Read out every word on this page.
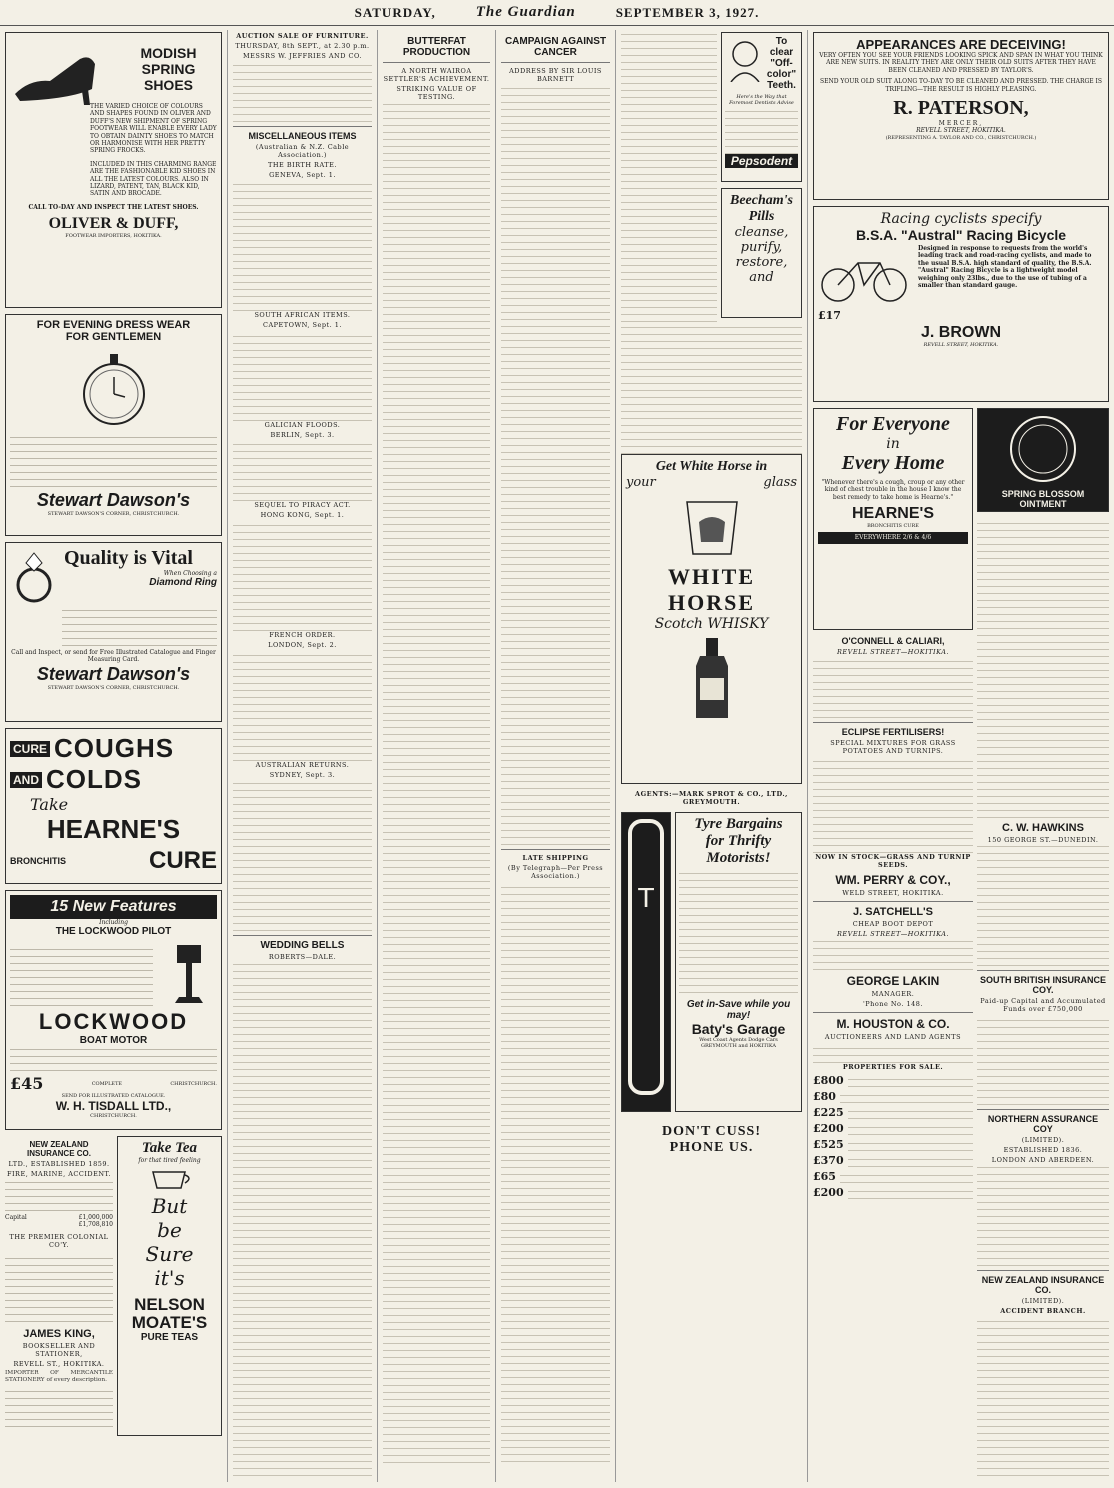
SATURDAY,	The Guardian	SEPTEMBER 3, 1927.
MODISH
SPRING
SHOES
THE VARIED CHOICE OF COLOURS AND SHAPES FOUND IN OLIVER AND DUFF'S NEW SHIPMENT OF SPRING FOOTWEAR WILL ENABLE EVERY LADY TO OBTAIN DAINTY SHOES TO MATCH OR HARMONISE WITH HER PRETTY SPRING FROCKS.
INCLUDED IN THIS CHARMING RANGE ARE THE FASHIONABLE KID SHOES IN ALL THE LATEST COLOURS. ALSO IN LIZARD, PATENT, TAN, BLACK KID, SATIN AND BROCADE.
CALL TO-DAY AND INSPECT THE LATEST SHOES.
OLIVER & DUFF,
FOOTWEAR IMPORTERS, HOKITIKA.
FOR EVENING DRESS WEAR
FOR GENTLEMEN
Stewart Dawson's
STEWART DAWSON'S CORNER, CHRISTCHURCH.
Quality is Vital
When Choosing a
Diamond Ring
Call and Inspect, or send for Free Illustrated Catalogue and Finger Measuring Card.
Stewart Dawson's
STEWART DAWSON'S CORNER, CHRISTCHURCH.
CURE COUGHS
AND COLDS
Take
HEARNE'S
BRONCHITIS	CURE
15 New Features
Including
THE LOCKWOOD PILOT
LOCKWOOD
BOAT MOTOR
£45	COMPLETE	CHRISTCHURCH.
SEND FOR ILLUSTRATED CATALOGUE.
W. H. TISDALL LTD.,
CHRISTCHURCH.
NEW ZEALAND INSURANCE CO.
LTD., ESTABLISHED 1859.
FIRE, MARINE, ACCIDENT.
Capital	£1,000,000
£1,708,810
THE PREMIER COLONIAL CO'Y.
JAMES KING,
BOOKSELLER AND STATIONER,
REVELL ST., HOKITIKA.
IMPORTER OF MERCANTILE STATIONERY of every description.
Take Tea
for that tired feeling
But
be
Sure
it's
NELSON MOATE'S
PURE TEAS
AUCTION SALE OF FURNITURE.
THURSDAY, 8th SEPT., at 2.30 p.m.
MESSRS W. JEFFRIES AND CO.
MISCELLANEOUS ITEMS
(Australian & N.Z. Cable Association.)
THE BIRTH RATE.
GENEVA, Sept. 1.
SOUTH AFRICAN ITEMS.
CAPETOWN, Sept. 1.
GALICIAN FLOODS.
BERLIN, Sept. 3.
SEQUEL TO PIRACY ACT.
HONG KONG, Sept. 1.
FRENCH ORDER.
LONDON, Sept. 2.
AUSTRALIAN RETURNS.
SYDNEY, Sept. 3.
WEDDING BELLS
ROBERTS—DALE.
BUTTERFAT PRODUCTION
A NORTH WAIROA SETTLER'S ACHIEVEMENT.
STRIKING VALUE OF TESTING.
CAMPAIGN AGAINST CANCER
ADDRESS BY SIR LOUIS BARNETT
LATE SHIPPING
(By Telegraph—Per Press Association.)
To clear "Off-color" Teeth.
Here's the Way that Foremost Dentists Advise
Pepsodent
Beecham's
Pills
cleanse,
purify,
restore,
and
Get White Horse in
your	glass
WHITE HORSE
Scotch WHISKY
AGENTS:—MARK SPROT & CO., LTD., GREYMOUTH.
T
Tyre Bargains
for Thrifty
Motorists!
Get in-Save while you may!
Baty's Garage
West Coast Agents Dodge Cars
GREYMOUTH and HOKITIKA
DON'T CUSS!
PHONE US.
APPEARANCES ARE DECEIVING!
VERY OFTEN YOU SEE YOUR FRIENDS LOOKING SPICK AND SPAN IN WHAT YOU THINK ARE NEW SUITS. IN REALITY THEY ARE ONLY THEIR OLD SUITS AFTER THEY HAVE BEEN CLEANED AND PRESSED BY TAYLOR'S.
SEND YOUR OLD SUIT ALONG TO-DAY TO BE CLEANED AND PRESSED. THE CHARGE IS TRIFLING—THE RESULT IS HIGHLY PLEASING.
R. PATERSON,
MERCER,
REVELL STREET, HOKITIKA.
(REPRESENTING A. TAYLOR AND CO., CHRISTCHURCH.)
Racing cyclists specify
B.S.A. "Austral" Racing Bicycle
£17
Designed in response to requests from the world's leading track and road-racing cyclists, and made to the usual B.S.A. high standard of quality, the B.S.A. "Austral" Racing Bicycle is a lightweight model weighing only 23lbs., due to the use of tubing of a smaller than standard gauge.
J. BROWN
REVELL STREET, HOKITIKA.
For Everyone
in
Every Home
"Whenever there's a cough, croup or any other kind of chest trouble in the house I know the best remedy to take home is Hearne's."
HEARNE'S
BRONCHITIS CURE
EVERYWHERE 2/6 & 4/6
O'CONNELL & CALIARI,
REVELL STREET—HOKITIKA.
ECLIPSE FERTILISERS!
SPECIAL MIXTURES FOR GRASS POTATOES AND TURNIPS.
NOW IN STOCK—GRASS AND TURNIP SEEDS.
WM. PERRY & COY.,
WELD STREET, HOKITIKA.
J. SATCHELL'S
CHEAP BOOT DEPOT
REVELL STREET—HOKITIKA.
GEORGE LAKIN
MANAGER.
'Phone No. 148.
M. HOUSTON & CO.
AUCTIONEERS AND LAND AGENTS
PROPERTIES FOR SALE.
£800
£80
£225
£200
£525
£370
£65
£200
SPRING BLOSSOM OINTMENT
C. W. HAWKINS
150 GEORGE ST.—DUNEDIN.
SOUTH BRITISH INSURANCE COY.
Paid-up Capital and Accumulated Funds over £750,000
NORTHERN ASSURANCE COY
(LIMITED).
ESTABLISHED 1836.
LONDON AND ABERDEEN.
NEW ZEALAND INSURANCE CO.
(LIMITED).
ACCIDENT BRANCH.
